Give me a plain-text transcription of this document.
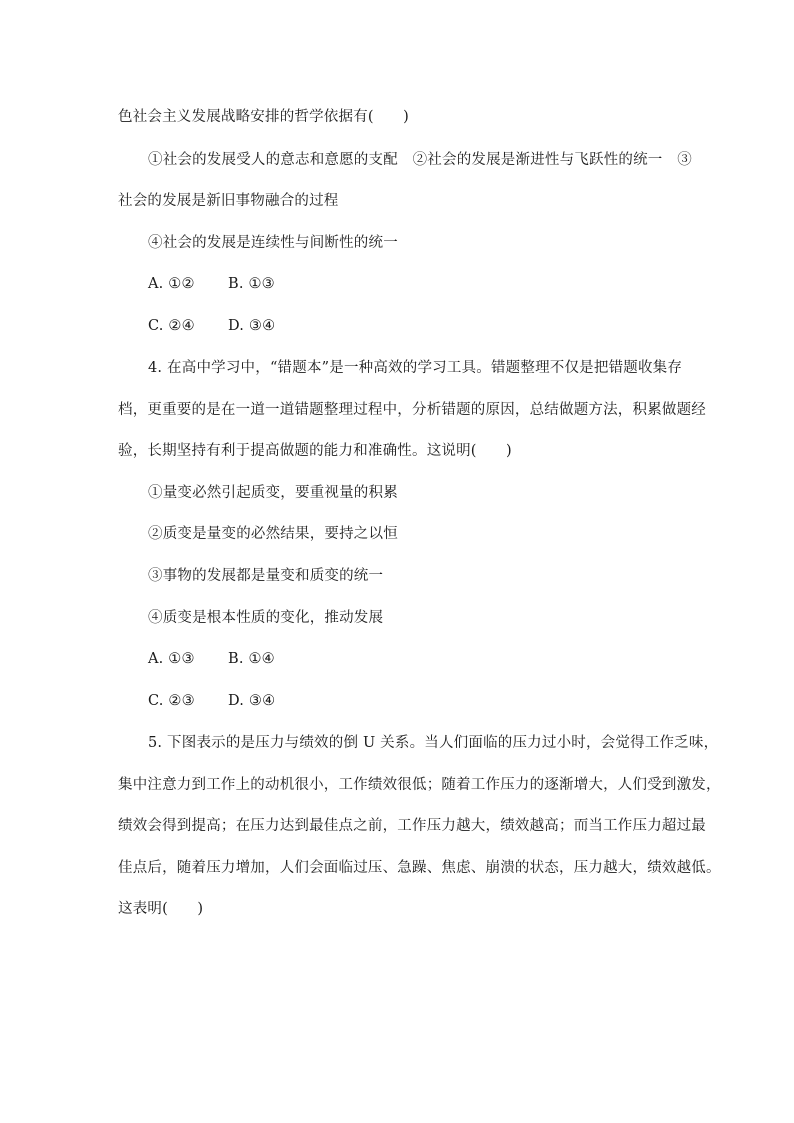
色社会主义发展战略安排的哲学依据有(　　)
①社会的发展受人的意志和意愿的支配　②社会的发展是渐进性与飞跃性的统一　③
社会的发展是新旧事物融合的过程
④社会的发展是连续性与间断性的统一
A. ①② B. ①③
C. ②④ D. ③④
4. 在高中学习中，“错题本”是一种高效的学习工具。错题整理不仅是把错题收集存
档，更重要的是在一道一道错题整理过程中，分析错题的原因，总结做题方法，积累做题经
验，长期坚持有利于提高做题的能力和准确性。这说明(　　)
①量变必然引起质变，要重视量的积累
②质变是量变的必然结果，要持之以恒
③事物的发展都是量变和质变的统一
④质变是根本性质的变化，推动发展
A. ①③ B. ①④
C. ②③ D. ③④
5. 下图表示的是压力与绩效的倒 U 关系。当人们面临的压力过小时，会觉得工作乏味，
集中注意力到工作上的动机很小，工作绩效很低；随着工作压力的逐渐增大，人们受到激发，
绩效会得到提高；在压力达到最佳点之前，工作压力越大，绩效越高；而当工作压力超过最
佳点后，随着压力增加，人们会面临过压、急躁、焦虑、崩溃的状态，压力越大，绩效越低。
这表明(　　)
